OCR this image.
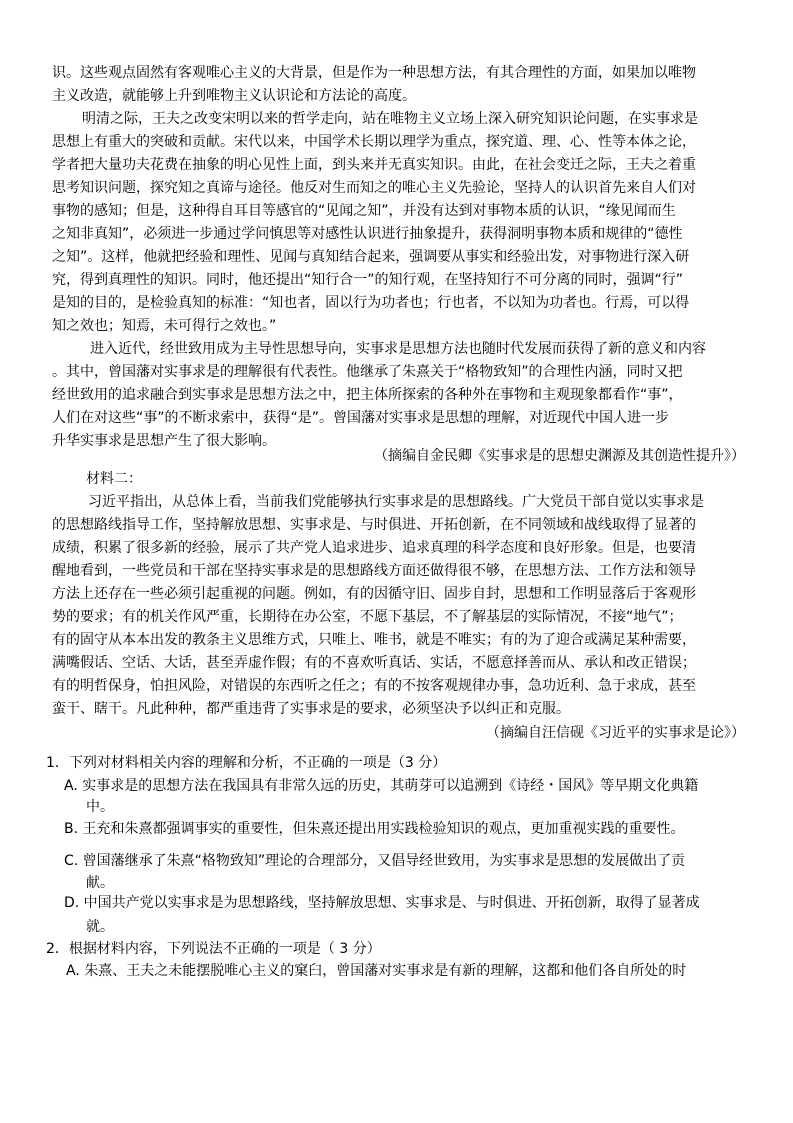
识。这些观点固然有客观唯心主义的大背景，但是作为一种思想方法，有其合理性的方面，如果加以唯物
主义改造，就能够上升到唯物主义认识论和方法论的高度。
明清之际，王夫之改变宋明以来的哲学走向，站在唯物主义立场上深入研究知识论问题，在实事求是
思想上有重大的突破和贡献。宋代以来，中国学术长期以理学为重点，探究道、理、心、性等本体之论，
学者把大量功夫花费在抽象的明心见性上面，到头来并无真实知识。由此，在社会变迁之际，王夫之着重
思考知识问题，探究知之真谛与途径。他反对生而知之的唯心主义先验论，坚持人的认识首先来自人们对
事物的感知；但是，这种得自耳目等感官的“见闻之知”，并没有达到对事物本质的认识，“缘见闻而生
之知非真知”，必须进一步通过学问慎思等对感性认识进行抽象提升，获得洞明事物本质和规律的“德性
之知”。这样，他就把经验和理性、见闻与真知结合起来，强调要从事实和经验出发，对事物进行深入研
究，得到真理性的知识。同时，他还提出“知行合一”的知行观，在坚持知行不可分离的同时，强调“行”
是知的目的，是检验真知的标准：“知也者，固以行为功者也；行也者，不以知为功者也。行焉，可以得
知之效也；知焉，未可得行之效也。”
进入近代，经世致用成为主导性思想导向，实事求是思想方法也随时代发展而获得了新的意义和内容
。其中，曾国藩对实事求是的理解很有代表性。他继承了朱熹关于“格物致知”的合理性内涵，同时又把
经世致用的追求融合到实事求是思想方法之中，把主体所探索的各种外在事物和主观现象都看作“事”，
人们在对这些“事”的不断求索中，获得“是”。曾国藩对实事求是思想的理解，对近现代中国人进一步
升华实事求是思想产生了很大影响。
（摘编自金民卿《实事求是的思想史渊源及其创造性提升》）
材料二：
习近平指出，从总体上看，当前我们党能够执行实事求是的思想路线。广大党员干部自觉以实事求是
的思想路线指导工作，坚持解放思想、实事求是、与时俱进、开拓创新，在不同领域和战线取得了显著的
成绩，积累了很多新的经验，展示了共产党人追求进步、追求真理的科学态度和良好形象。但是，也要清
醒地看到，一些党员和干部在坚持实事求是的思想路线方面还做得很不够，在思想方法、工作方法和领导
方法上还存在一些必须引起重视的问题。例如，有的因循守旧、固步自封，思想和工作明显落后于客观形
势的要求；有的机关作风严重，长期待在办公室，不愿下基层，不了解基层的实际情况，不接“地气”；
有的固守从本本出发的教条主义思维方式，只唯上、唯书，就是不唯实；有的为了迎合或满足某种需要，
满嘴假话、空话、大话，甚至弄虚作假；有的不喜欢听真话、实话，不愿意择善而从、承认和改正错误；
有的明哲保身，怕担风险，对错误的东西听之任之；有的不按客观规律办事，急功近利、急于求成，甚至
蛮干、瞎干。凡此种种，都严重违背了实事求是的要求，必须坚决予以纠正和克服。
（摘编自汪信砚《习近平的实事求是论》）
1．下列对材料相关内容的理解和分析，不正确的一项是（3 分）
A. 实事求是的思想方法在我国具有非常久远的历史，其萌芽可以追溯到《诗经・国风》等早期文化典籍
中。
B. 王充和朱熹都强调事实的重要性，但朱熹还提出用实践检验知识的观点，更加重视实践的重要性。
C. 曾国藩继承了朱熹“格物致知”理论的合理部分，又倡导经世致用，为实事求是思想的发展做出了贡
献。
D. 中国共产党以实事求是为思想路线，坚持解放思想、实事求是、与时俱进、开拓创新，取得了显著成
就。
2．根据材料内容，下列说法不正确的一项是（ 3 分）
A. 朱熹、王夫之未能摆脱唯心主义的窠臼，曾国藩对实事求是有新的理解，这都和他们各自所处的时
